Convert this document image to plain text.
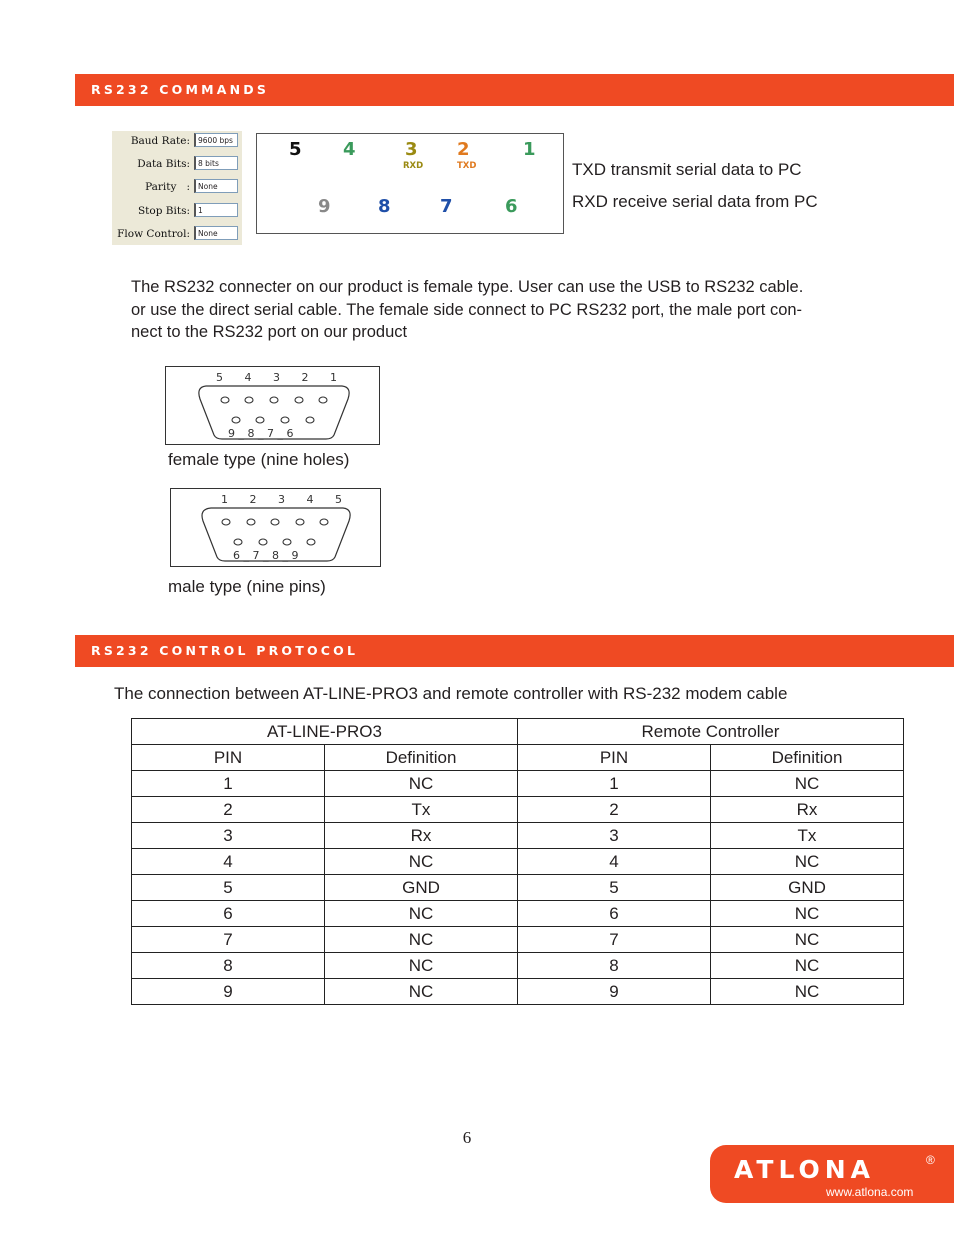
RS232 COMMANDS
Baud Rate:	9600 bps
Data Bits:	8 bits
Parity   :	None
Stop Bits:	1
Flow Control:	None
5 4	3
RXD
2
TXD
1
9	8	7	6
TXD transmit serial data to PC
RXD receive serial data from PC
The RS232 connecter on our product is female type. User can use the USB to RS232 cable.
or use the direct serial cable. The female side connect to PC RS232 port, the male port con-
nect to the RS232 port on our product
5 4 3 2 1
9 _ 8 _ 7 _ 6
female type (nine holes)
1 2 3 4 5
6 _ 7 _ 8 _ 9
male type (nine pins)
RS232 CONTROL PROTOCOL
The connection between AT-LINE-PRO3 and remote controller with RS-232 modem cable
AT-LINE-PRO3		Remote Controller	
PIN	Definition	PIN	Definition
1	NC	1	NC
2	Tx	2	Rx
3	Rx	3	Tx
4	NC	4	NC
5	GND	5	GND
6	NC	6	NC
7	NC	7	NC
8	NC	8	NC
9	NC	9	NC
6
ATLONA	®
www.atlona.com
